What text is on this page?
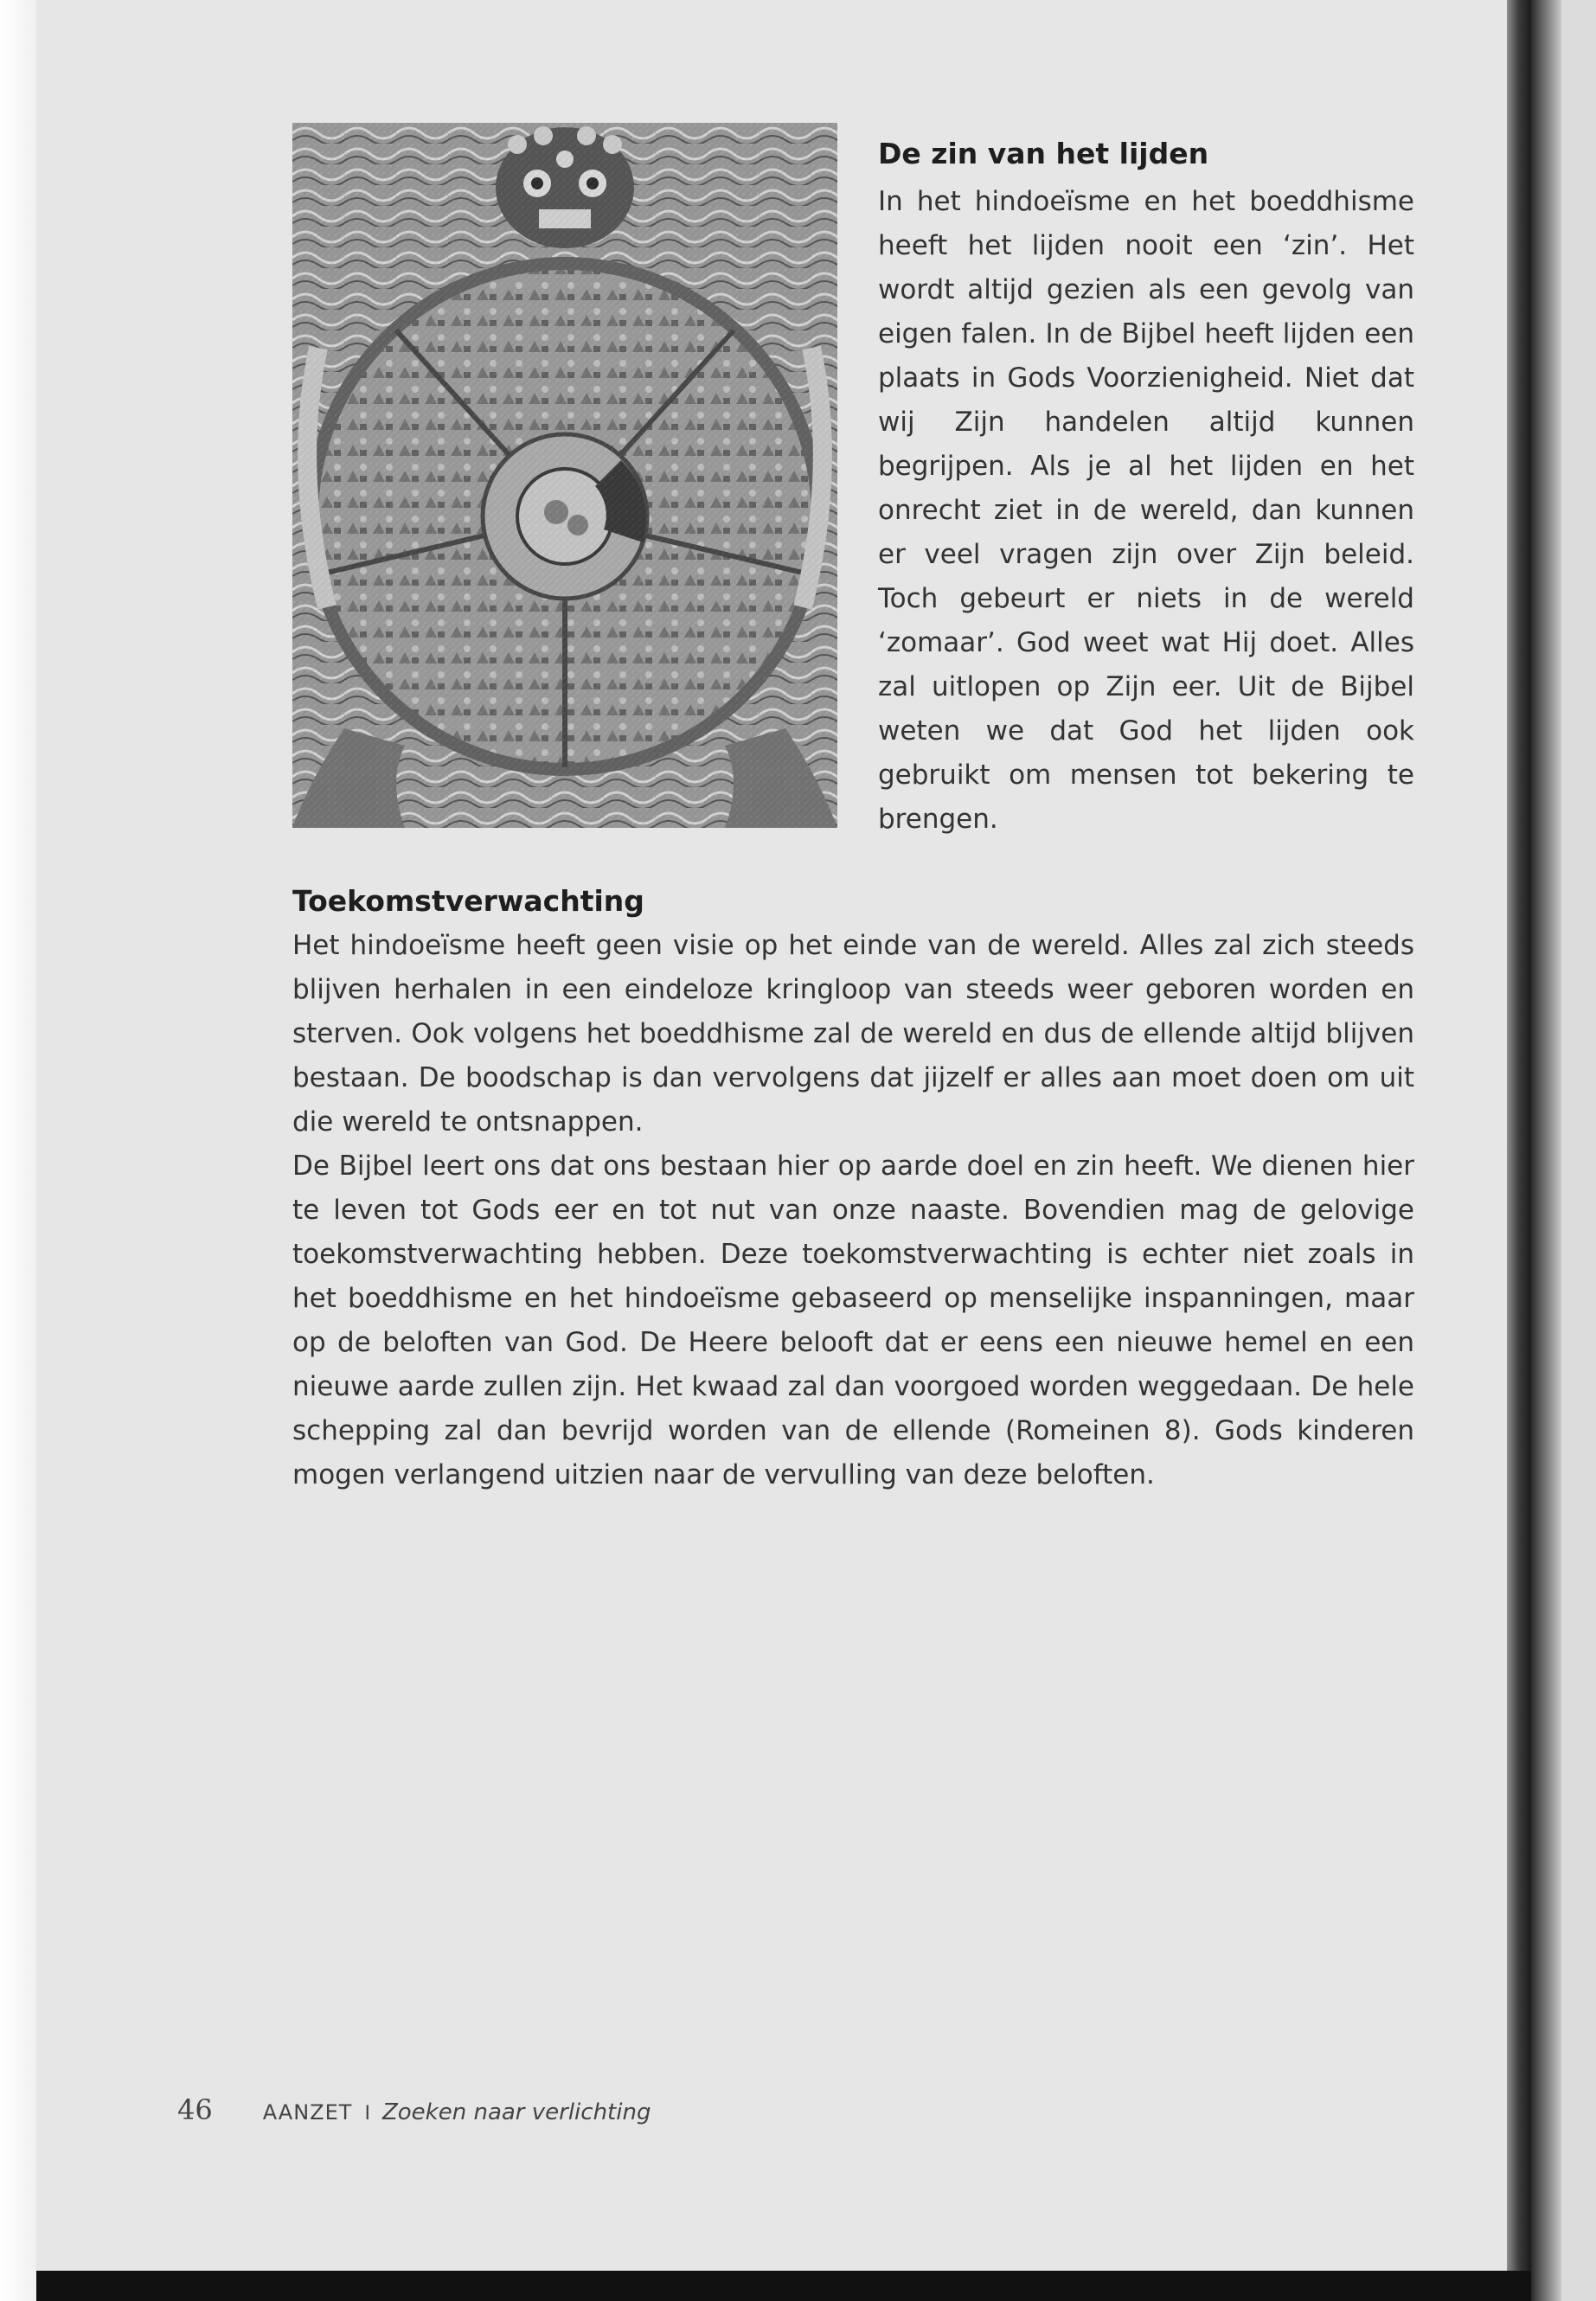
De zin van het lijden

In het hindoeïsme en het boeddhisme heeft het lijden nooit een ‘zin’. Het wordt altijd gezien als een gevolg van eigen falen. In de Bijbel heeft lijden een plaats in Gods Voorzienigheid. Niet dat wij Zijn handelen altijd kunnen begrijpen. Als je al het lijden en het onrecht ziet in de wereld, dan kunnen er veel vragen zijn over Zijn beleid. Toch gebeurt er niets in de wereld ‘zomaar’. God weet wat Hij doet. Alles zal uitlopen op Zijn eer. Uit de Bijbel weten we dat God het lijden ook gebruikt om mensen tot bekering te brengen.

Toekomstverwachting

Het hindoeïsme heeft geen visie op het einde van de wereld. Alles zal zich steeds blijven herhalen in een eindeloze kringloop van steeds weer geboren worden en sterven. Ook volgens het boeddhisme zal de wereld en dus de ellende altijd blijven bestaan. De boodschap is dan vervolgens dat jijzelf er alles aan moet doen om uit die wereld te ontsnappen.

De Bijbel leert ons dat ons bestaan hier op aarde doel en zin heeft. We dienen hier te leven tot Gods eer en tot nut van onze naaste. Bovendien mag de gelovige toekomstverwachting hebben. Deze toekomstverwachting is echter niet zoals in het boeddhisme en het hindoeïsme gebaseerd op menselijke inspanningen, maar op de beloften van God. De Heere belooft dat er eens een nieuwe hemel en een nieuwe aarde zullen zijn. Het kwaad zal dan voorgoed worden weggedaan. De hele schepping zal dan bevrijd worden van de ellende (Romeinen 8). Gods kinderen mogen verlangend uitzien naar de vervulling van deze beloften.

46 AANZET I Zoeken naar verlichting
